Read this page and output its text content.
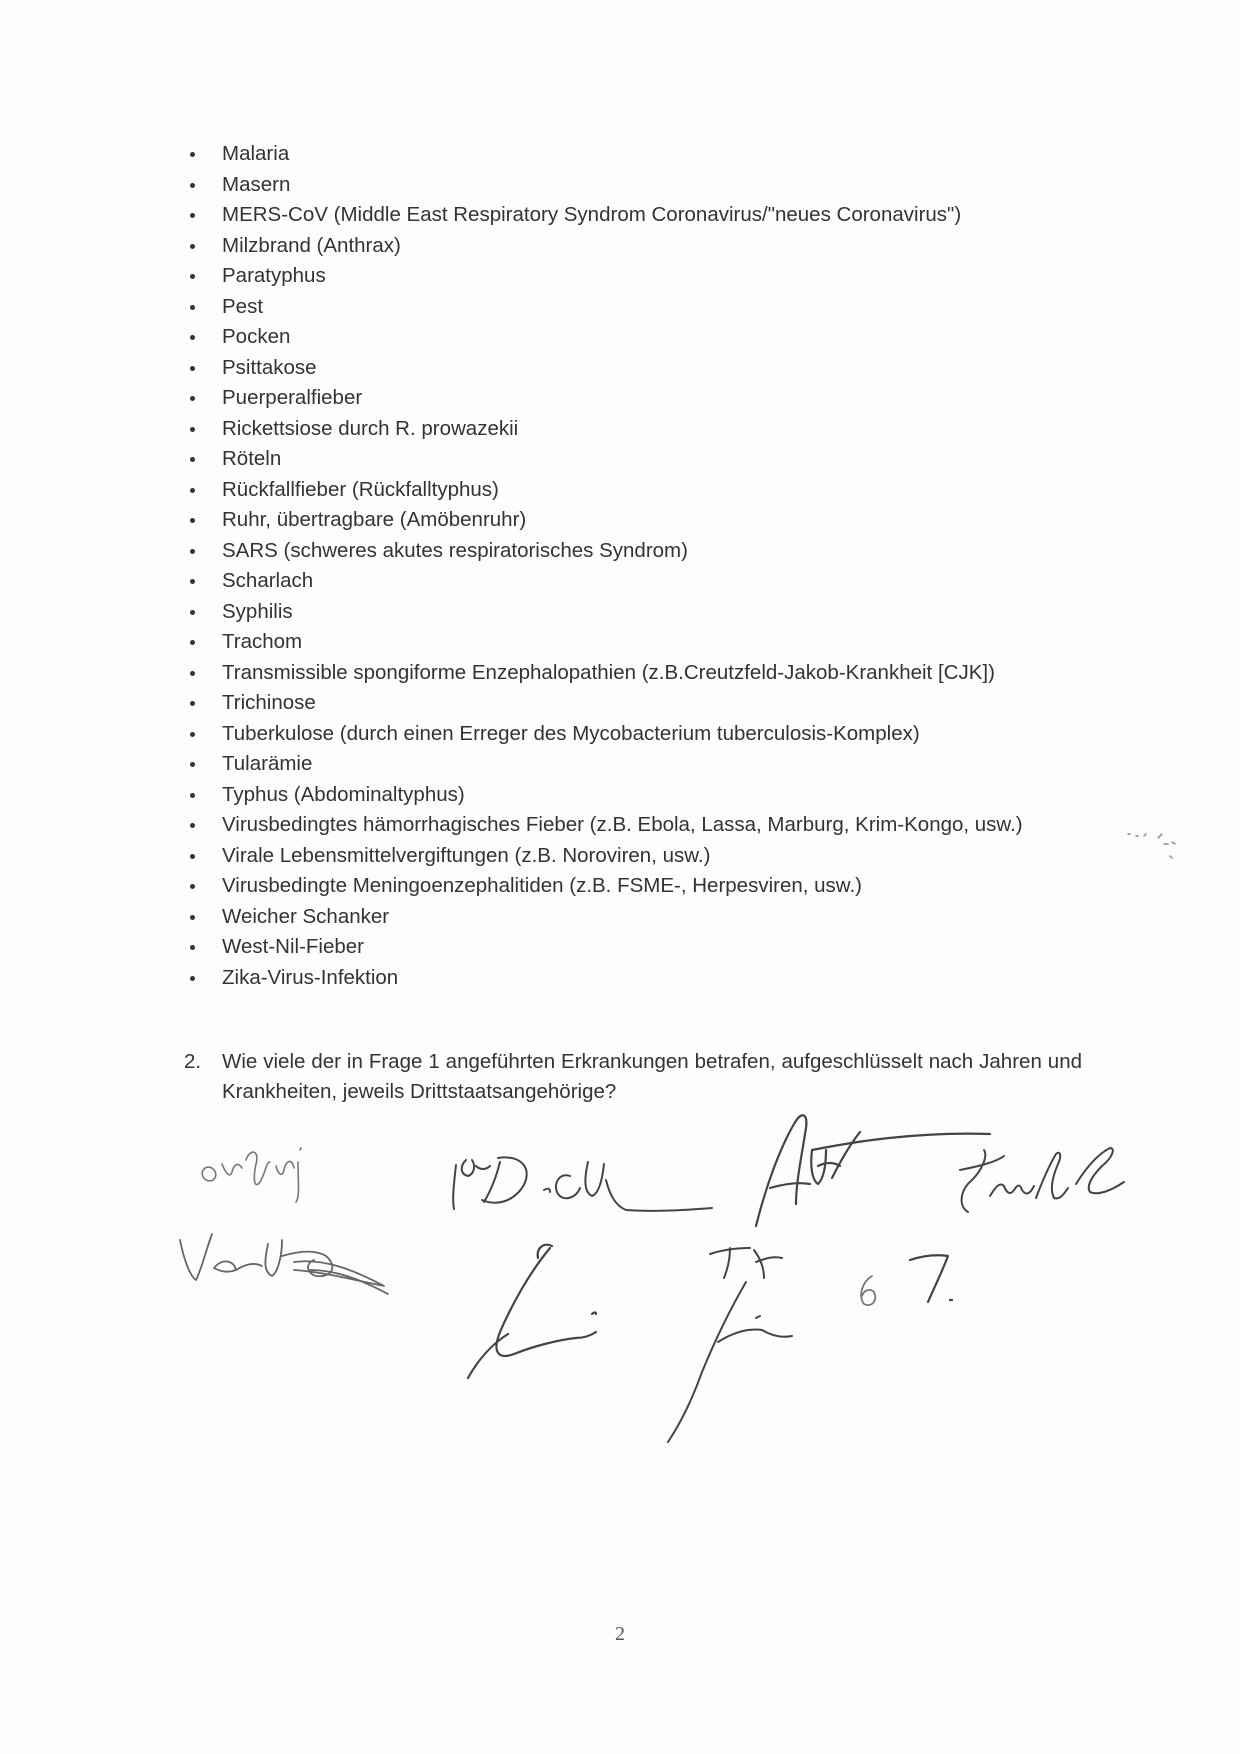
Malaria
Masern
MERS-CoV (Middle East Respiratory Syndrom Coronavirus/"neues Coronavirus")
Milzbrand (Anthrax)
Paratyphus
Pest
Pocken
Psittakose
Puerperalfieber
Rickettsiose durch R. prowazekii
Röteln
Rückfallfieber (Rückfalltyphus)
Ruhr, übertragbare (Amöbenruhr)
SARS (schweres akutes respiratorisches Syndrom)
Scharlach
Syphilis
Trachom
Transmissible spongiforme Enzephalopathien (z.B.Creutzfeld-Jakob-Krankheit [CJK])
Trichinose
Tuberkulose (durch einen Erreger des Mycobacterium tuberculosis-Komplex)
Tularämie
Typhus (Abdominaltyphus)
Virusbedingtes hämorrhagisches Fieber (z.B. Ebola, Lassa, Marburg, Krim-Kongo, usw.)
Virale Lebensmittelvergiftungen (z.B. Noroviren, usw.)
Virusbedingte Meningoenzephalitiden (z.B. FSME-, Herpesviren, usw.)
Weicher Schanker
West-Nil-Fieber
Zika-Virus-Infektion
2. Wie viele der in Frage 1 angeführten Erkrankungen betrafen, aufgeschlüsselt nach Jahren und Krankheiten, jeweils Drittstaatsangehörige?
2
